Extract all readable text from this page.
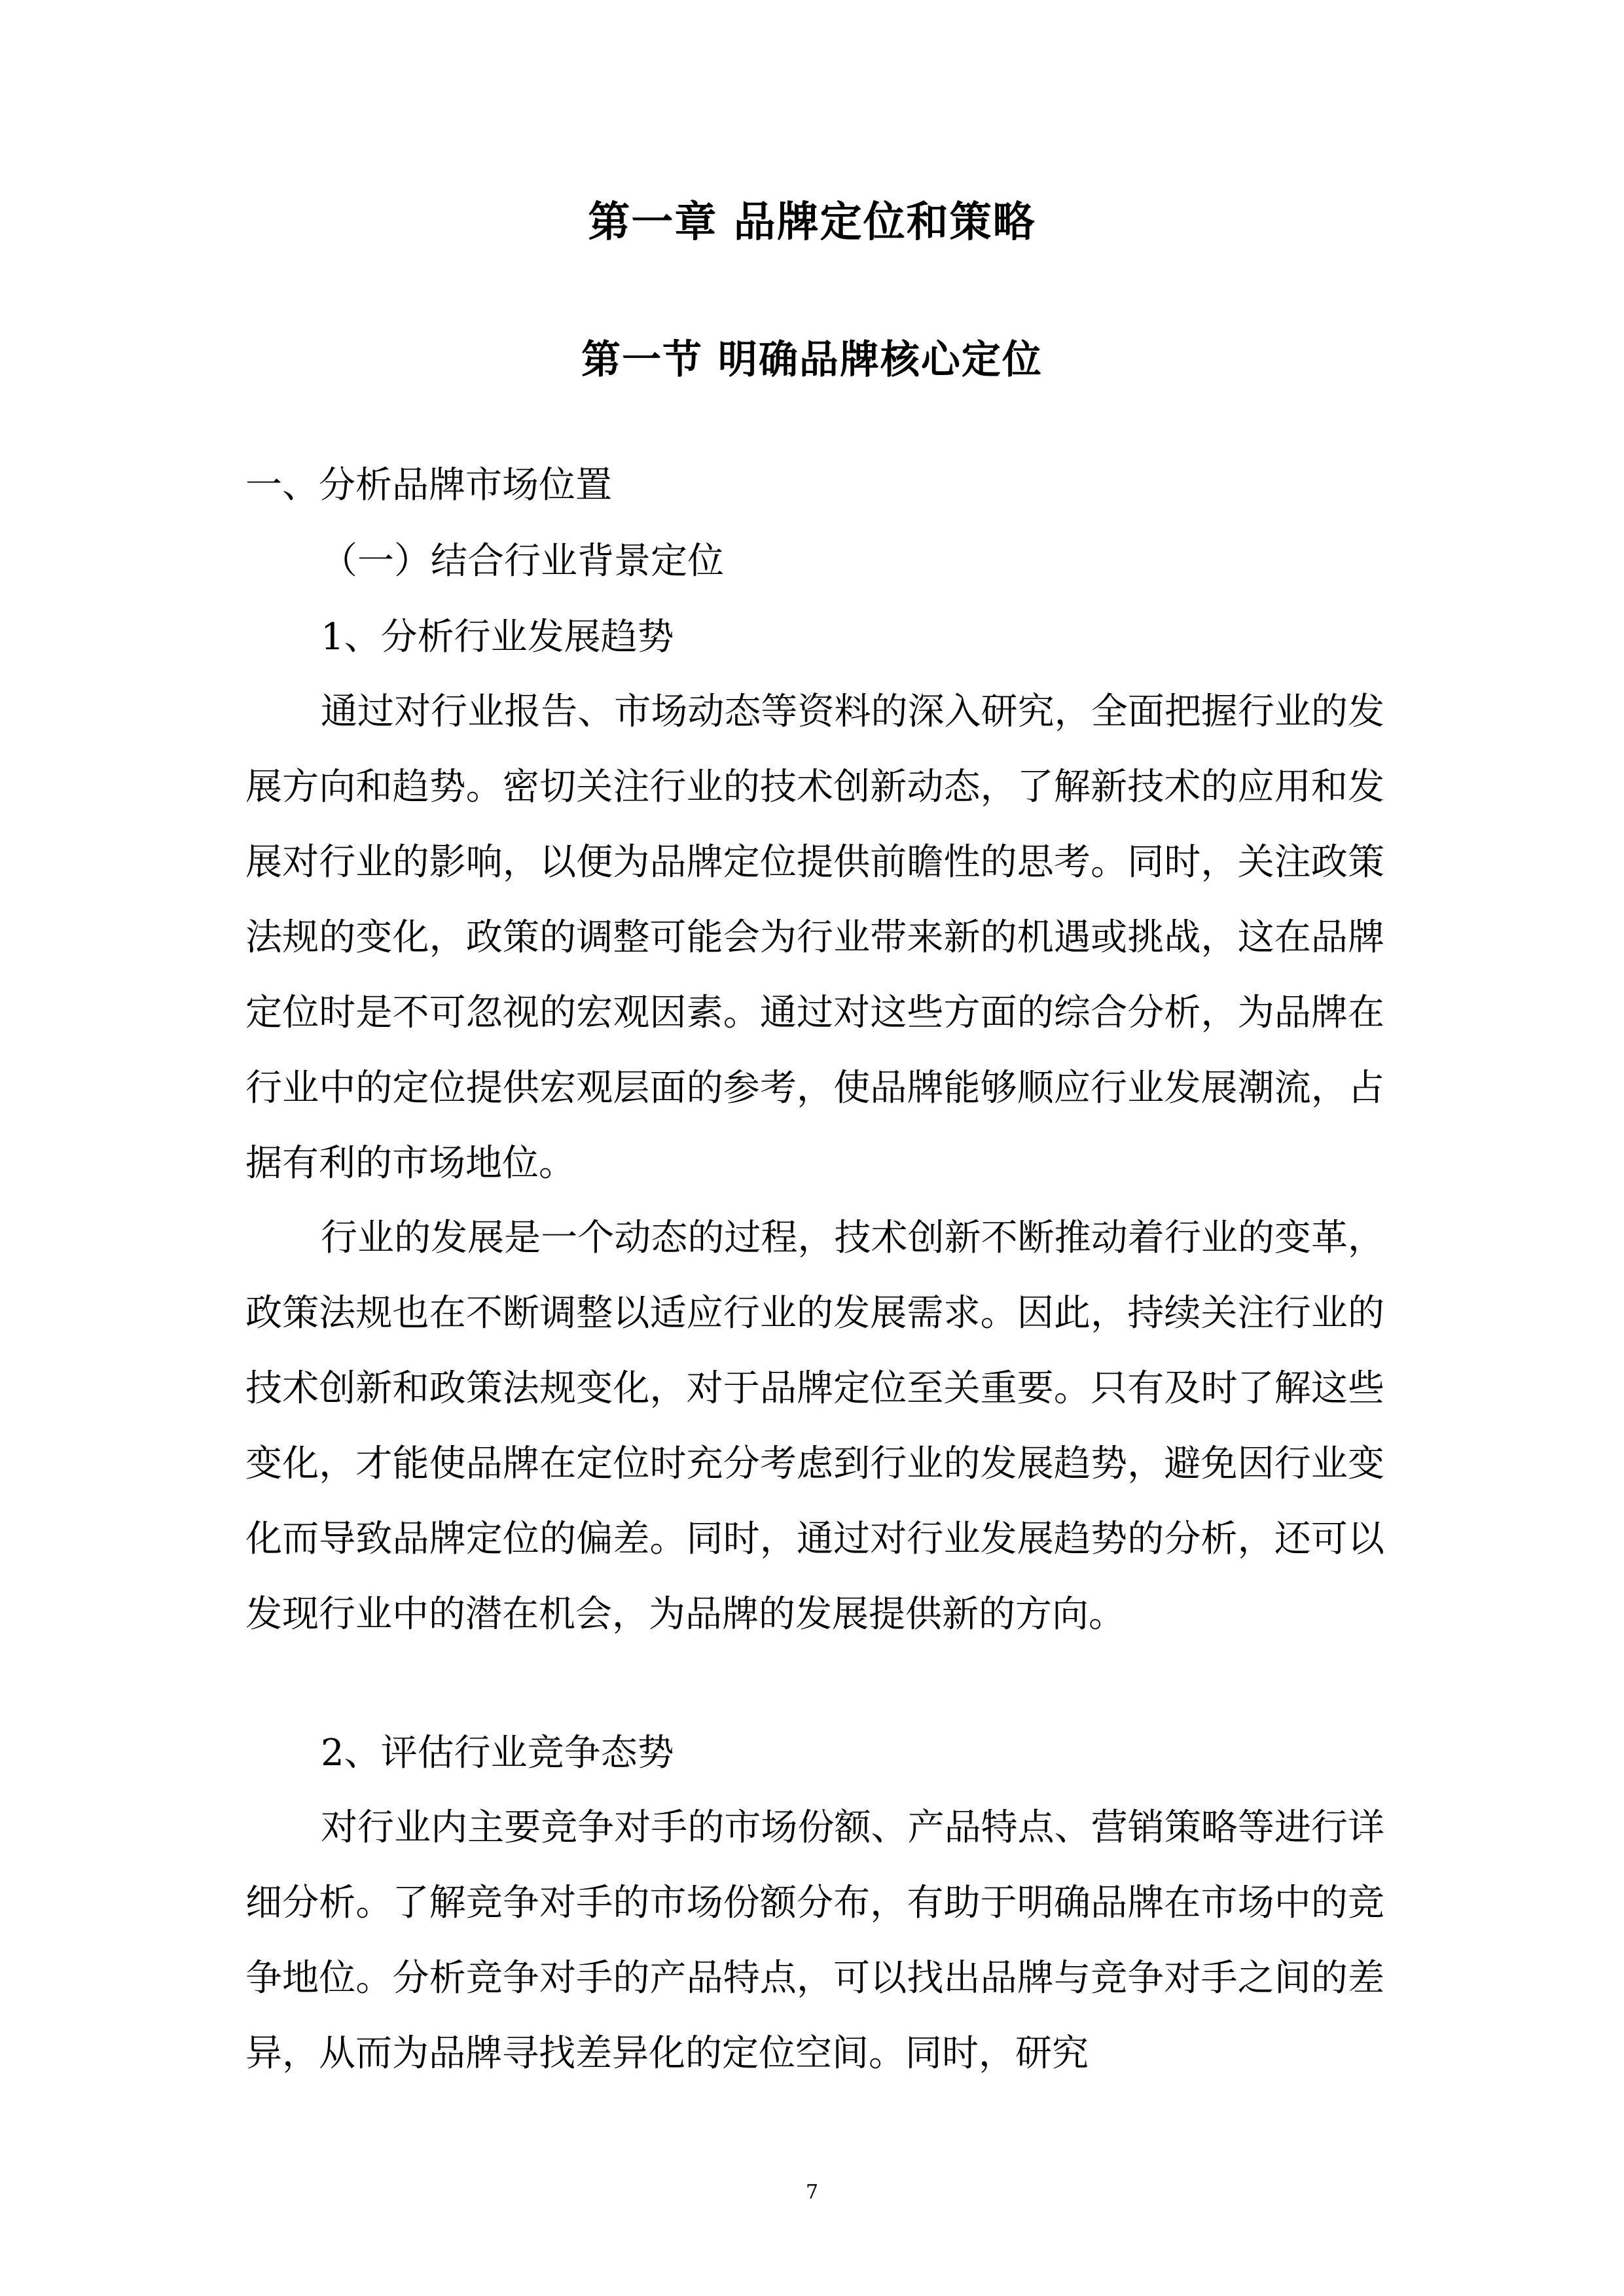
第一章 品牌定位和策略
第一节 明确品牌核心定位

一、分析品牌市场位置

（一）结合行业背景定位

1、分析行业发展趋势

通过对行业报告、市场动态等资料的深入研究，全面把握行业的发展方向和趋势。密切关注行业的技术创新动态，了解新技术的应用和发展对行业的影响，以便为品牌定位提供前瞻性的思考。同时，关注政策法规的变化，政策的调整可能会为行业带来新的机遇或挑战，这在品牌定位时是不可忽视的宏观因素。通过对这些方面的综合分析，为品牌在行业中的定位提供宏观层面的参考，使品牌能够顺应行业发展潮流，占据有利的市场地位。

行业的发展是一个动态的过程，技术创新不断推动着行业的变革，政策法规也在不断调整以适应行业的发展需求。因此，持续关注行业的技术创新和政策法规变化，对于品牌定位至关重要。只有及时了解这些变化，才能使品牌在定位时充分考虑到行业的发展趋势，避免因行业变化而导致品牌定位的偏差。同时，通过对行业发展趋势的分析，还可以发现行业中的潜在机会，为品牌的发展提供新的方向。

2、评估行业竞争态势

对行业内主要竞争对手的市场份额、产品特点、营销策略等进行详细分析。了解竞争对手的市场份额分布，有助于明确品牌在市场中的竞争地位。分析竞争对手的产品特点，可以找出品牌与竞争对手之间的差异，从而为品牌寻找差异化的定位空间。同时，研究

7
